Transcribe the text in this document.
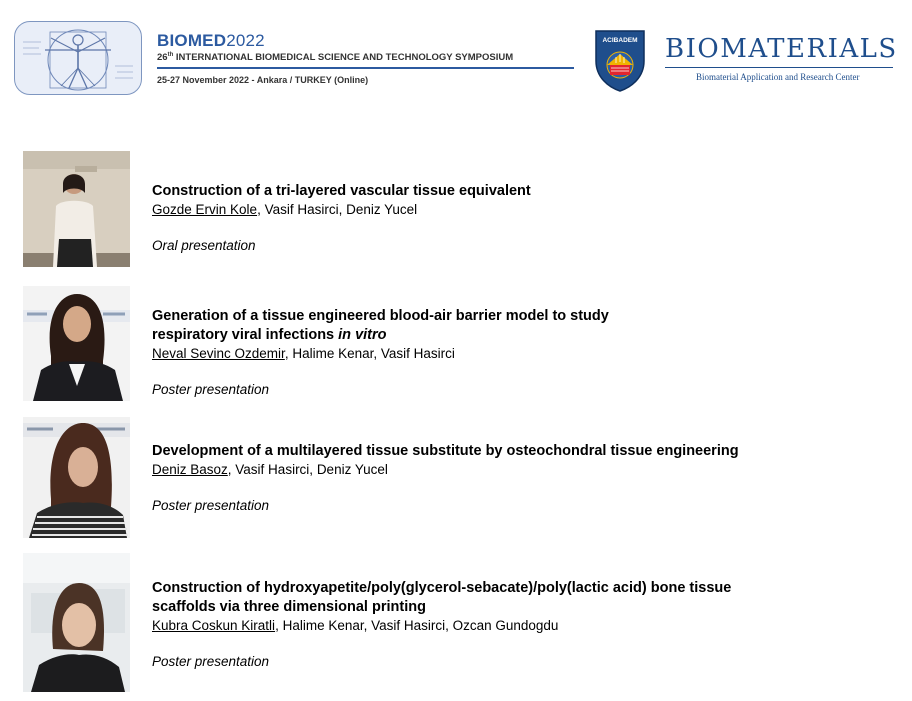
BIOMED2022
26th INTERNATIONAL BIOMEDICAL SCIENCE AND TECHNOLOGY SYMPOSIUM
25-27 November 2022 - Ankara / TURKEY (Online)
ACIBADEM BIOMATERIALS
Biomaterial Application and Research Center
Construction of a tri-layered vascular tissue equivalent
Gozde Ervin Kole, Vasif Hasirci, Deniz Yucel
Oral presentation
Generation of a tissue engineered blood-air barrier model to study
respiratory viral infections in vitro
Neval Sevinc Ozdemir, Halime Kenar, Vasif Hasirci
Poster presentation
Development of a multilayered tissue substitute by osteochondral tissue engineering
Deniz Basoz, Vasif Hasirci, Deniz Yucel
Poster presentation
Construction of hydroxyapetite/poly(glycerol-sebacate)/poly(lactic acid) bone tissue
scaffolds via three dimensional printing
Kubra Coskun Kiratli, Halime Kenar, Vasif Hasirci, Ozcan Gundogdu
Poster presentation
